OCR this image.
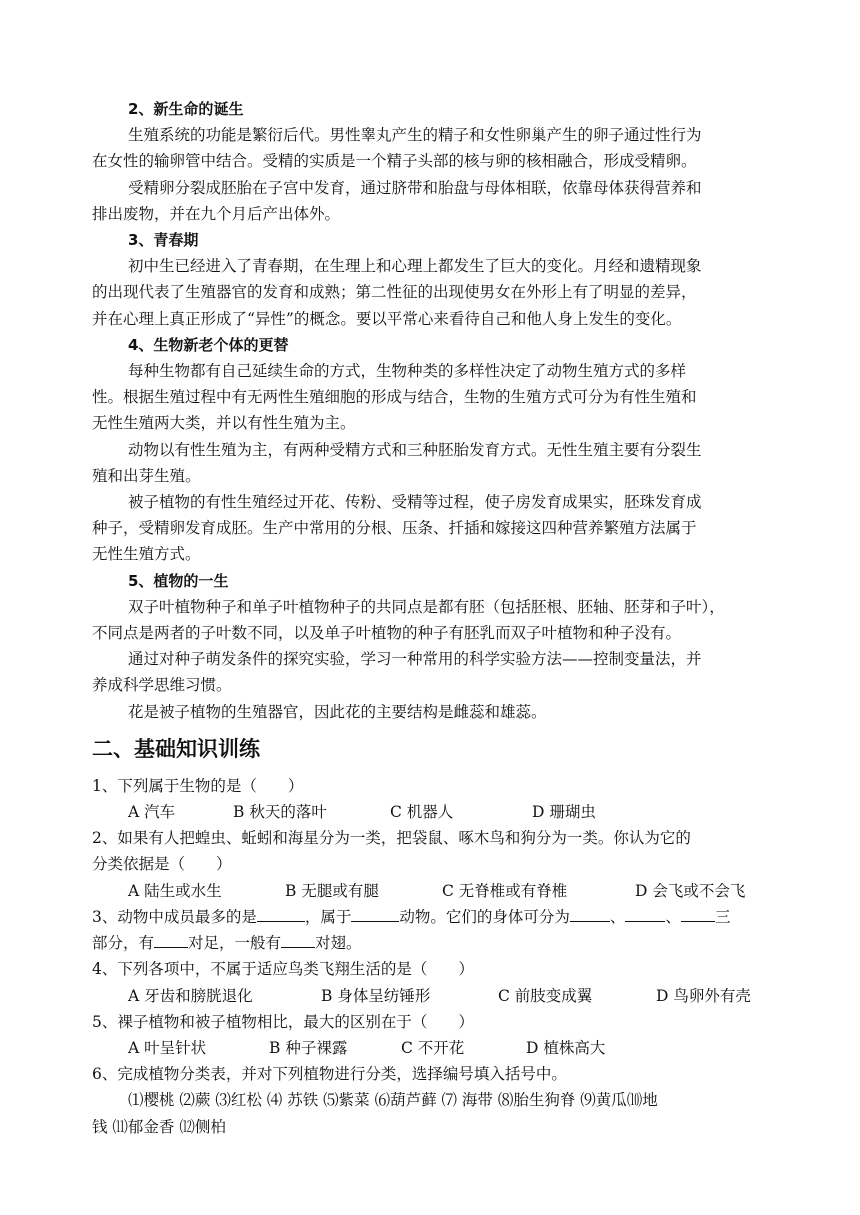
2、新生命的诞生
生殖系统的功能是繁衍后代。男性睾丸产生的精子和女性卵巢产生的卵子通过性行为
在女性的输卵管中结合。受精的实质是一个精子头部的核与卵的核相融合，形成受精卵。
受精卵分裂成胚胎在子宫中发育，通过脐带和胎盘与母体相联，依靠母体获得营养和
排出废物，并在九个月后产出体外。
3、青春期
初中生已经进入了青春期，在生理上和心理上都发生了巨大的变化。月经和遗精现象
的出现代表了生殖器官的发育和成熟；第二性征的出现使男女在外形上有了明显的差异，
并在心理上真正形成了“异性”的概念。要以平常心来看待自己和他人身上发生的变化。
4、生物新老个体的更替
每种生物都有自己延续生命的方式，生物种类的多样性决定了动物生殖方式的多样
性。根据生殖过程中有无两性生殖细胞的形成与结合，生物的生殖方式可分为有性生殖和
无性生殖两大类，并以有性生殖为主。
动物以有性生殖为主，有两种受精方式和三种胚胎发育方式。无性生殖主要有分裂生
殖和出芽生殖。
被子植物的有性生殖经过开花、传粉、受精等过程，使子房发育成果实，胚珠发育成
种子，受精卵发育成胚。生产中常用的分根、压条、扦插和嫁接这四种营养繁殖方法属于
无性生殖方式。
5、植物的一生
双子叶植物种子和单子叶植物种子的共同点是都有胚（包括胚根、胚轴、胚芽和子叶），
不同点是两者的子叶数不同，以及单子叶植物的种子有胚乳而双子叶植物和种子没有。
通过对种子萌发条件的探究实验，学习一种常用的科学实验方法——控制变量法，并
养成科学思维习惯。
花是被子植物的生殖器官，因此花的主要结构是雌蕊和雄蕊。
二、基础知识训练
1、下列属于生物的是（　　）
A 汽车	B 秋天的落叶	C 机器人	D 珊瑚虫
2、如果有人把蝗虫、蚯蚓和海星分为一类，把袋鼠、啄木鸟和狗分为一类。你认为它的
分类依据是（　　）
A 陆生或水生	B 无腿或有腿	C 无脊椎或有脊椎	D 会飞或不会飞
3、动物中成员最多的是	，属于	动物。它们的身体可分为	、	、 三
部分，有 对足，一般有 对翅。
4、下列各项中，不属于适应鸟类飞翔生活的是（　　）
A 牙齿和膀胱退化	B 身体呈纺锤形	C 前肢变成翼	D 鸟卵外有壳
5、裸子植物和被子植物相比，最大的区别在于（　　）
A 叶呈针状	B 种子裸露	C 不开花	D 植株高大
6、完成植物分类表，并对下列植物进行分类，选择编号填入括号中。
⑴樱桃 ⑵蕨 ⑶红松 ⑷ 苏铁 ⑸紫菜 ⑹葫芦藓 ⑺ 海带 ⑻胎生狗脊 ⑼黄瓜⑽地
钱 ⑾郁金香 ⑿侧柏
